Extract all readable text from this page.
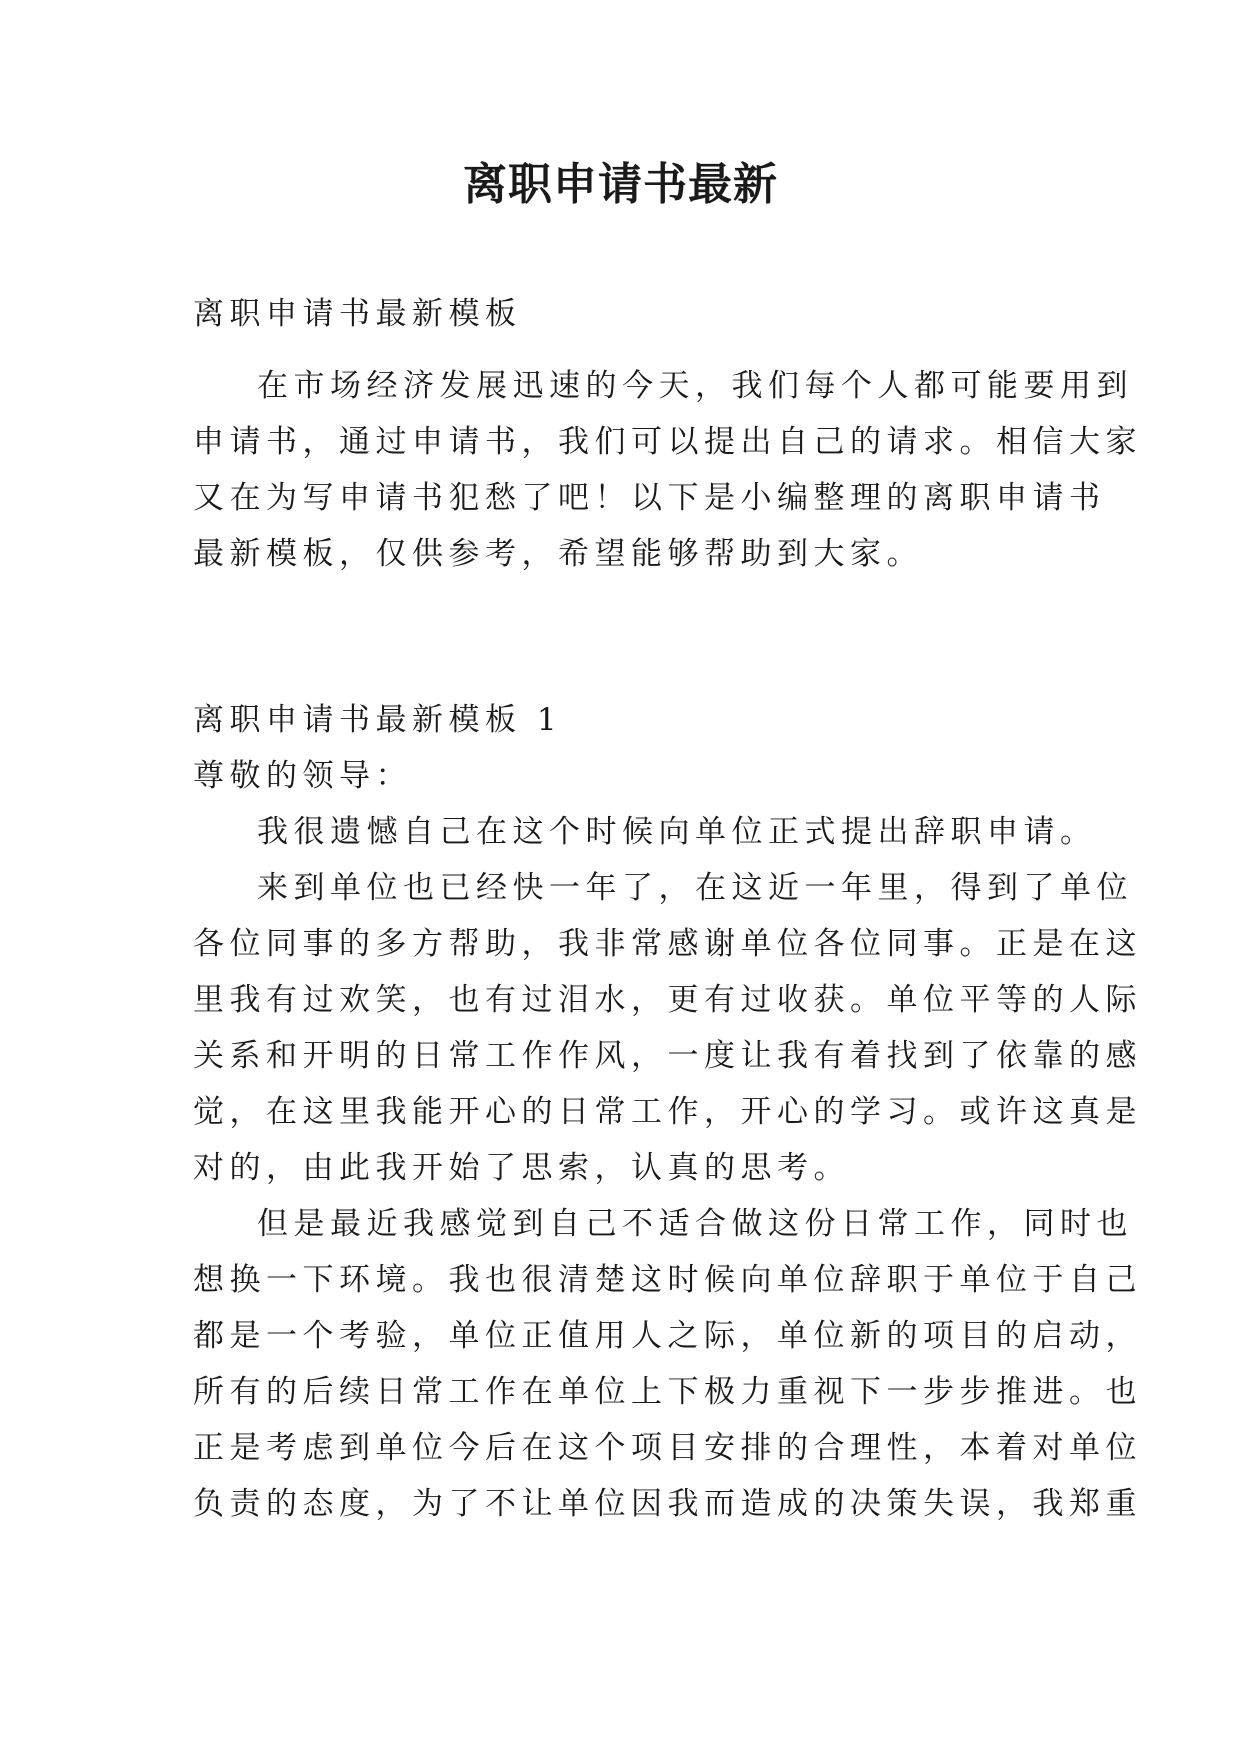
离职申请书最新
离职申请书最新模板
在市场经济发展迅速的今天，我们每个人都可能要用到
申请书，通过申请书，我们可以提出自己的请求。相信大家
又在为写申请书犯愁了吧！以下是小编整理的离职申请书
最新模板，仅供参考，希望能够帮助到大家。
离职申请书最新模板 1
尊敬的领导：
我很遗憾自己在这个时候向单位正式提出辞职申请。
来到单位也已经快一年了，在这近一年里，得到了单位
各位同事的多方帮助，我非常感谢单位各位同事。正是在这
里我有过欢笑，也有过泪水，更有过收获。单位平等的人际
关系和开明的日常工作作风，一度让我有着找到了依靠的感
觉，在这里我能开心的日常工作，开心的学习。或许这真是
对的，由此我开始了思索，认真的思考。
但是最近我感觉到自己不适合做这份日常工作，同时也
想换一下环境。我也很清楚这时候向单位辞职于单位于自己
都是一个考验，单位正值用人之际，单位新的项目的启动，
所有的后续日常工作在单位上下极力重视下一步步推进。也
正是考虑到单位今后在这个项目安排的合理性，本着对单位
负责的态度，为了不让单位因我而造成的决策失误，我郑重
